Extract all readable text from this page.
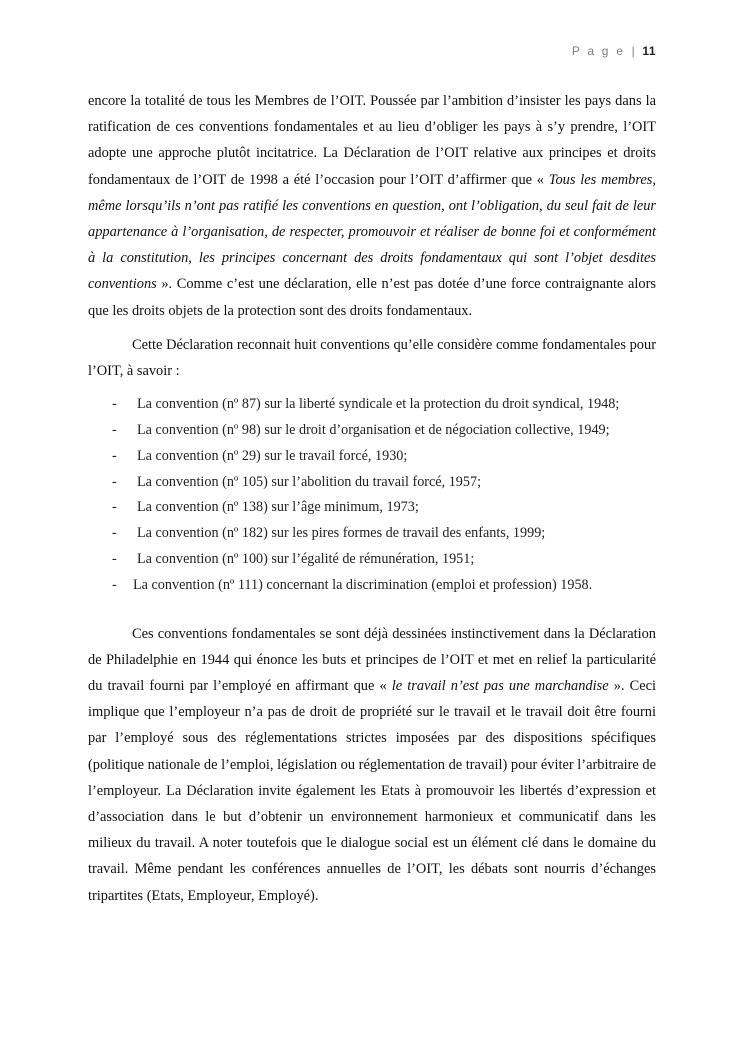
P a g e | 11

encore la totalité de tous les Membres de l’OIT. Poussée par l’ambition d’insister les pays dans la ratification de ces conventions fondamentales et au lieu d’obliger les pays à s’y prendre, l’OIT adopte une approche plutôt incitatrice. La Déclaration de l’OIT relative aux principes et droits fondamentaux de l’OIT de 1998 a été l’occasion pour l’OIT d’affirmer que « Tous les membres, même lorsqu’ils n’ont pas ratifié les conventions en question, ont l’obligation, du seul fait de leur appartenance à l’organisation, de respecter, promouvoir et réaliser de bonne foi et conformément à la constitution, les principes concernant des droits fondamentaux qui sont l’objet desdites conventions ». Comme c’est une déclaration, elle n’est pas dotée d’une force contraignante alors que les droits objets de la protection sont des droits fondamentaux.

Cette Déclaration reconnait huit conventions qu’elle considère comme fondamentales pour l’OIT, à savoir :

- La convention (nº 87) sur la liberté syndicale et la protection du droit syndical, 1948;
- La convention (nº 98) sur le droit d’organisation et de négociation collective, 1949;
- La convention (nº 29) sur le travail forcé, 1930;
- La convention (nº 105) sur l’abolition du travail forcé, 1957;
- La convention (nº 138) sur l’âge minimum, 1973;
- La convention (nº 182) sur les pires formes de travail des enfants, 1999;
- La convention (nº 100) sur l’égalité de rémunération, 1951;
- La convention (nº 111) concernant la discrimination (emploi et profession) 1958.

Ces conventions fondamentales se sont déjà dessinées instinctivement dans la Déclaration de Philadelphie en 1944 qui énonce les buts et principes de l’OIT et met en relief la particularité du travail fourni par l’employé en affirmant que « le travail n’est pas une marchandise ». Ceci implique que l’employeur n’a pas de droit de propriété sur le travail et le travail doit être fourni par l’employé sous des réglementations strictes imposées par des dispositions spécifiques (politique nationale de l’emploi, législation ou réglementation de travail) pour éviter l’arbitraire de l’employeur. La Déclaration invite également les Etats à promouvoir les libertés d’expression et d’association dans le but d’obtenir un environnement harmonieux et communicatif dans les milieux du travail. A noter toutefois que le dialogue social est un élément clé dans le domaine du travail. Même pendant les conférences annuelles de l’OIT, les débats sont nourris d’échanges tripartites (Etats, Employeur, Employé).
